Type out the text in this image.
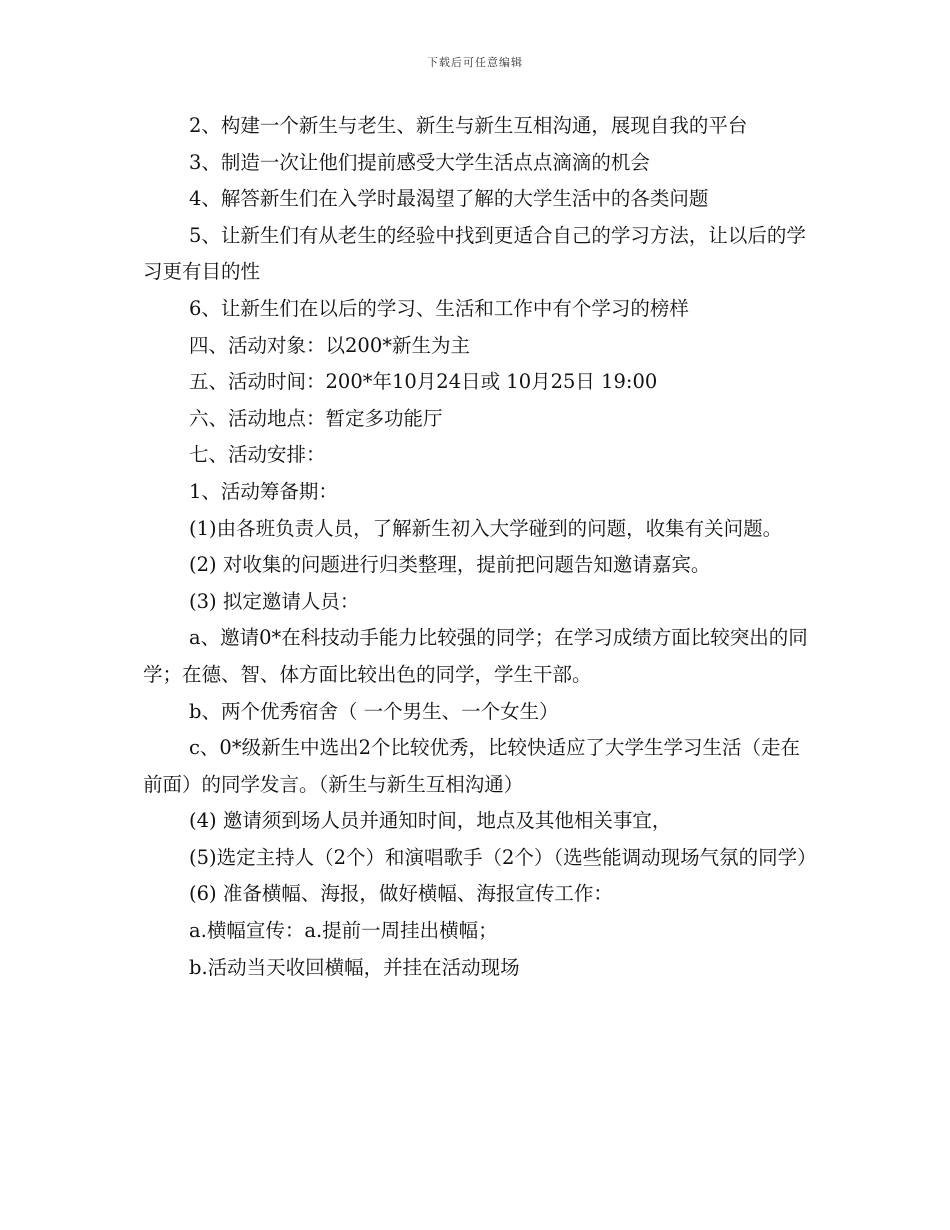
下载后可任意编辑

2、构建一个新生与老生、新生与新生互相沟通，展现自我的平台

3、制造一次让他们提前感受大学生活点点滴滴的机会

4、解答新生们在入学时最渴望了解的大学生活中的各类问题

5、让新生们有从老生的经验中找到更适合自己的学习方法，让以后的学习更有目的性

6、让新生们在以后的学习、生活和工作中有个学习的榜样

四、活动对象：以200*新生为主

五、活动时间：200*年10月24日或 10月25日 19:00

六、活动地点：暂定多功能厅

七、活动安排：

1、活动筹备期：

(1)由各班负责人员，了解新生初入大学碰到的问题，收集有关问题。

(2) 对收集的问题进行归类整理，提前把问题告知邀请嘉宾。

(3) 拟定邀请人员：

a、邀请0*在科技动手能力比较强的同学；在学习成绩方面比较突出的同学；在德、智、体方面比较出色的同学，学生干部。

b、两个优秀宿舍（ 一个男生、一个女生）

c、0*级新生中选出2个比较优秀，比较快适应了大学生学习生活（走在前面）的同学发言。（新生与新生互相沟通）

(4) 邀请须到场人员并通知时间，地点及其他相关事宜，

(5)选定主持人（2个）和演唱歌手（2个）（选些能调动现场气氛的同学）

(6) 准备横幅、海报，做好横幅、海报宣传工作：

a.横幅宣传：a.提前一周挂出横幅；

b.活动当天收回横幅，并挂在活动现场
